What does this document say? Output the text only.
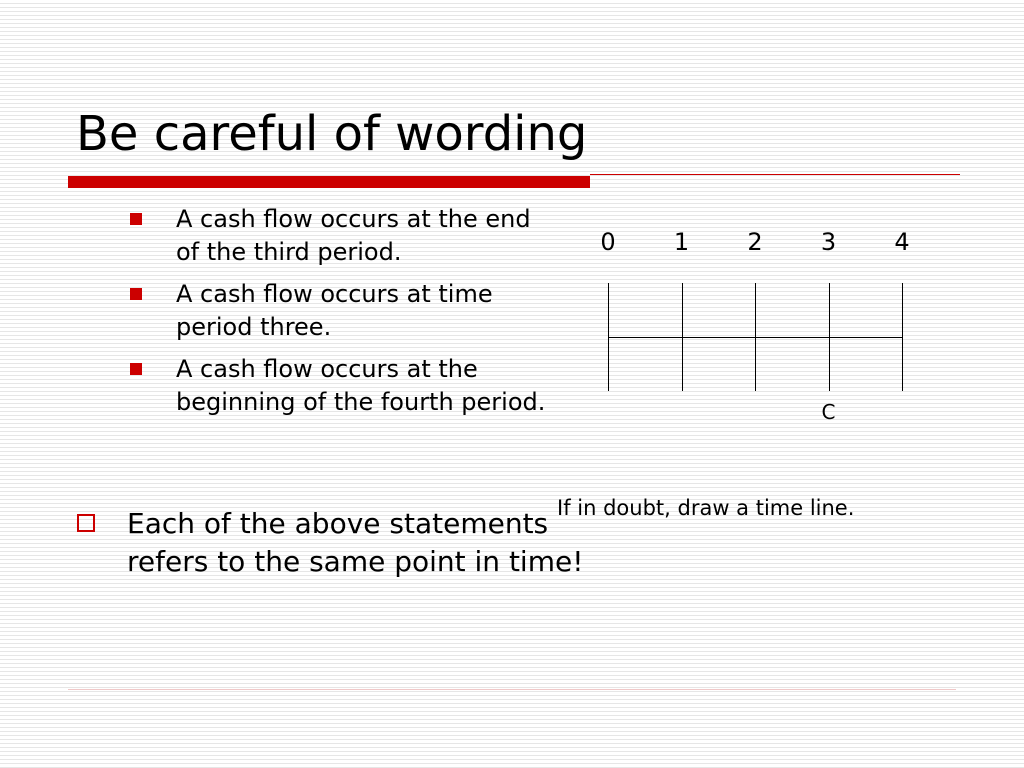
Be careful of wording
A cash flow occurs at the end of the third period.
A cash flow occurs at time period three.
A cash flow occurs at the beginning of the fourth period.
Each of the above statements refers to the same point in time!
0 1 2 3 4
C
If in doubt, draw a time line.
